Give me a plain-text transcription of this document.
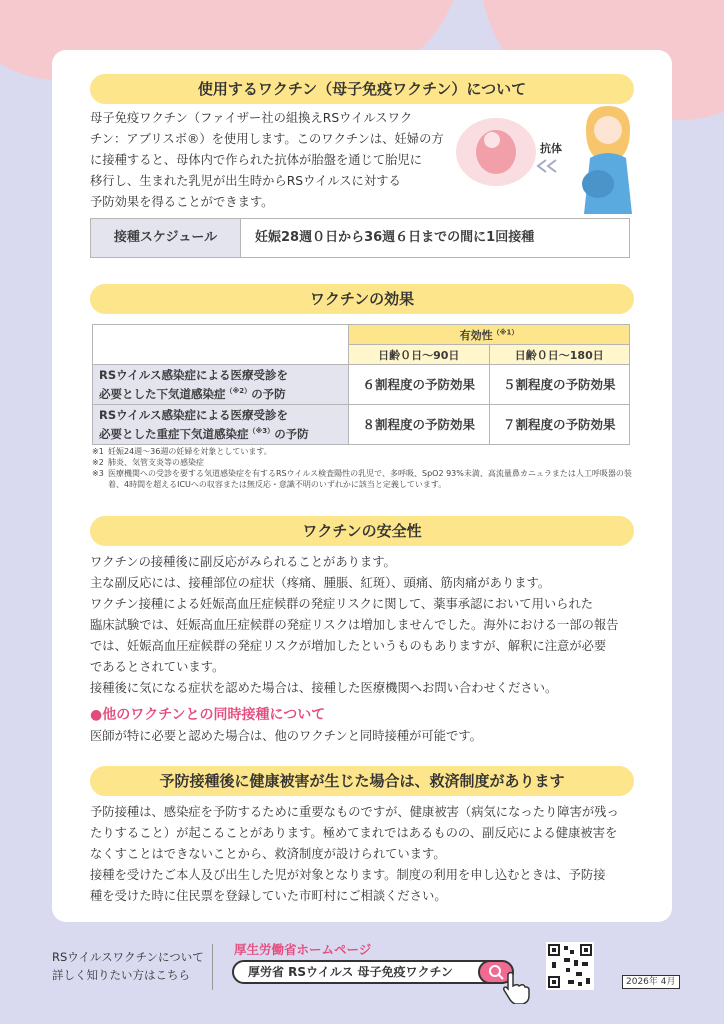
使用するワクチン（母子免疫ワクチン）について
母子免疫ワクチン（ファイザー社の組換えRSウイルスワク
チン：アブリスボ®）を使用します。このワクチンは、妊婦の方
に接種すると、母体内で作られた抗体が胎盤を通じて胎児に
移行し、生まれた乳児が出生時からRSウイルスに対する
予防効果を得ることができます。
抗体
接種スケジュール	妊娠28週０日から36週６日までの間に1回接種
ワクチンの効果
	有効性$^{(※1)}$
	日齢０日〜90日	日齢０日〜180日

RSウイルス感染症による医療受診を
必要とした下気道感染症$^{(※2)}$の予防	６割程度の予防効果	５割程度の予防効果

RSウイルス感染症による医療受診を
必要とした重症下気道感染症$^{(※3)}$の予防	８割程度の予防効果	７割程度の予防効果
※1 妊娠24週〜36週の妊婦を対象としています。
※2 肺炎、気管支炎等の感染症
※3 医療機関への受診を要する気道感染症を有するRSウイルス検査陽性の乳児で、多呼吸、SpO2 93%未満、高流量鼻カニュラまたは人工呼吸器の装着、4時間を超えるICUへの収容または無反応・意識不明のいずれかに該当と定義しています。
ワクチンの安全性
ワクチンの接種後に副反応がみられることがあります。
主な副反応には、接種部位の症状（疼痛、腫脹、紅斑）、頭痛、筋肉痛があります。
ワクチン接種による妊娠高血圧症候群の発症リスクに関して、薬事承認において用いられた
臨床試験では、妊娠高血圧症候群の発症リスクは増加しませんでした。海外における一部の報告
では、妊娠高血圧症候群の発症リスクが増加したというものもありますが、解釈に注意が必要
であるとされています。
接種後に気になる症状を認めた場合は、接種した医療機関へお問い合わせください。
●他のワクチンとの同時接種について
医師が特に必要と認めた場合は、他のワクチンと同時接種が可能です。
予防接種後に健康被害が生じた場合は、救済制度があります
予防接種は、感染症を予防するために重要なものですが、健康被害（病気になったり障害が残っ
たりすること）が起こることがあります。極めてまれではあるものの、副反応による健康被害を
なくすことはできないことから、救済制度が設けられています。
接種を受けたご本人及び出生した児が対象となります。制度の利用を申し込むときは、予防接
種を受けた時に住民票を登録していた市町村にご相談ください。
RSウイルスワクチンについて
詳しく知りたい方はこちら
厚生労働省ホームページ
厚労省 RSウイルス 母子免疫ワクチン
2026年 4月
